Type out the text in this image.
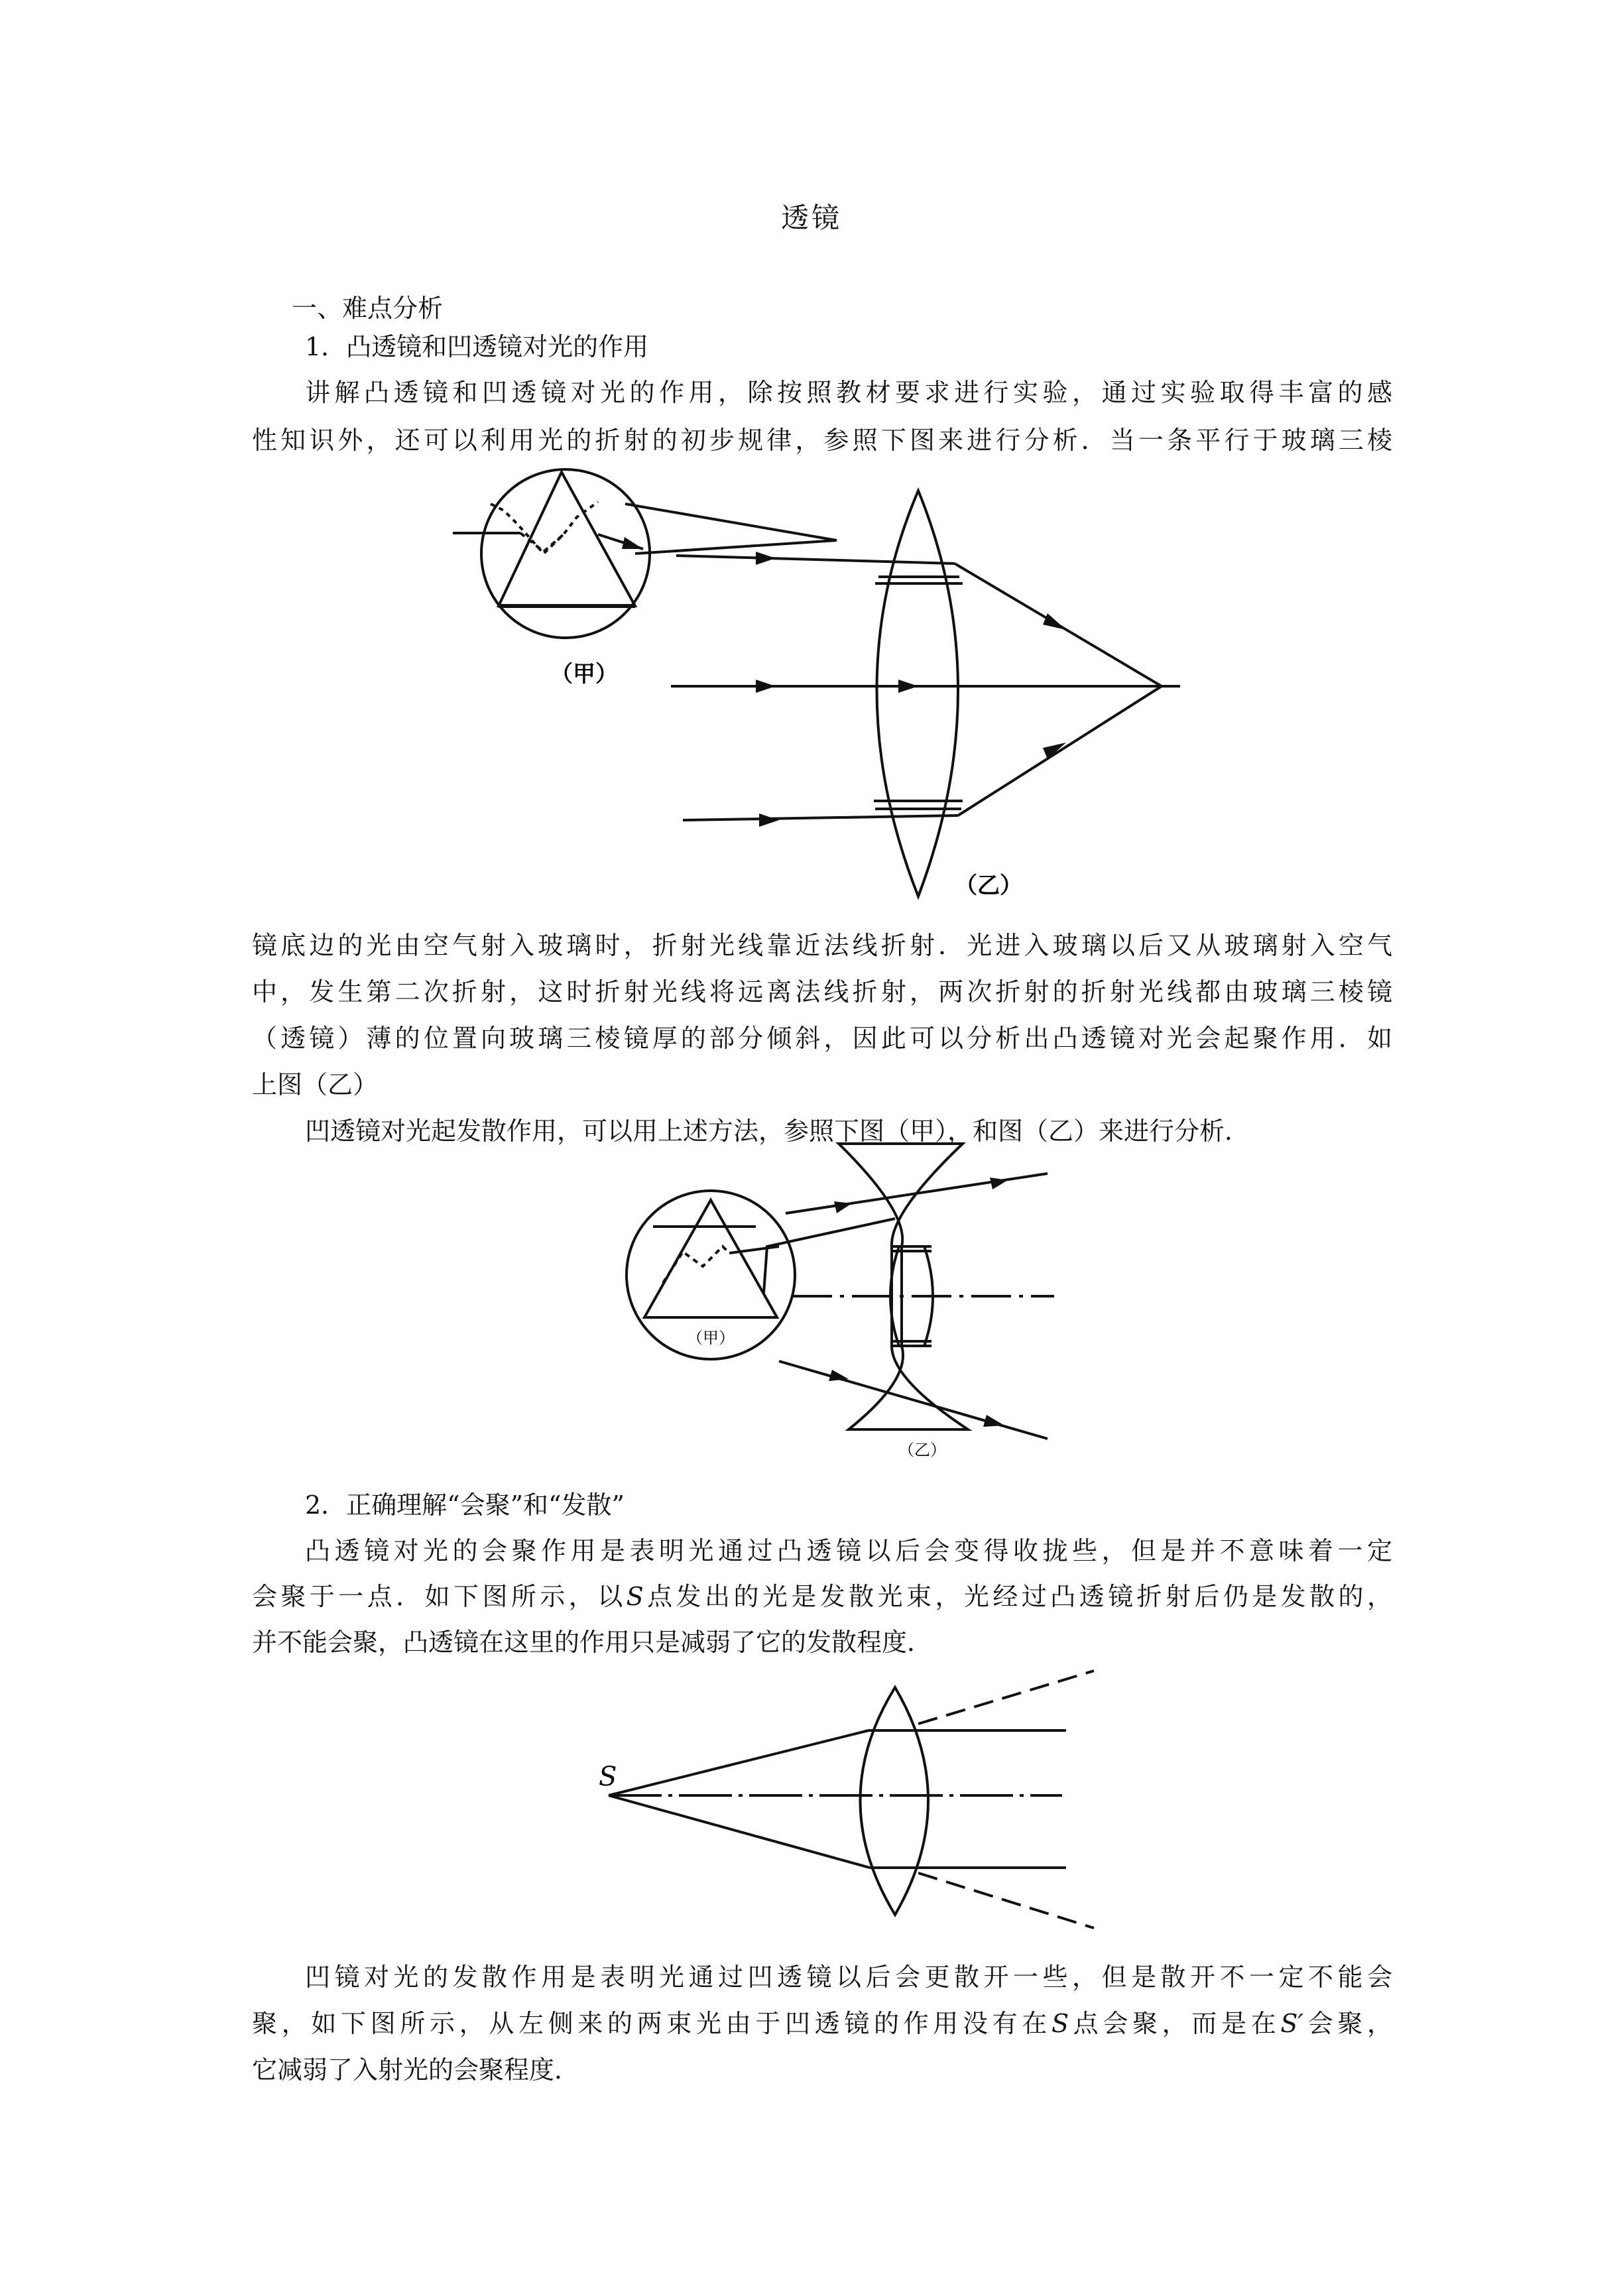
透镜
一、难点分析
1．凸透镜和凹透镜对光的作用
讲解凸透镜和凹透镜对光的作用，除按照教材要求进行实验，通过实验取得丰富的感
性知识外，还可以利用光的折射的初步规律，参照下图来进行分析．当一条平行于玻璃三棱
（甲）
（乙）
镜底边的光由空气射入玻璃时，折射光线靠近法线折射．光进入玻璃以后又从玻璃射入空气
中，发生第二次折射，这时折射光线将远离法线折射，两次折射的折射光线都由玻璃三棱镜
（透镜）薄的位置向玻璃三棱镜厚的部分倾斜，因此可以分析出凸透镜对光会起聚作用．如
上图（乙）
凹透镜对光起发散作用，可以用上述方法，参照下图（甲），和图（乙）来进行分析．
（甲）
（乙）
2．正确理解“会聚”和“发散”
凸透镜对光的会聚作用是表明光通过凸透镜以后会变得收拢些，但是并不意味着一定
会聚于一点．如下图所示，以S点发出的光是发散光束，光经过凸透镜折射后仍是发散的，
并不能会聚，凸透镜在这里的作用只是减弱了它的发散程度．
S
凹镜对光的发散作用是表明光通过凹透镜以后会更散开一些，但是散开不一定不能会
聚，如下图所示，从左侧来的两束光由于凹透镜的作用没有在S点会聚，而是在S′会聚，
它减弱了入射光的会聚程度．
